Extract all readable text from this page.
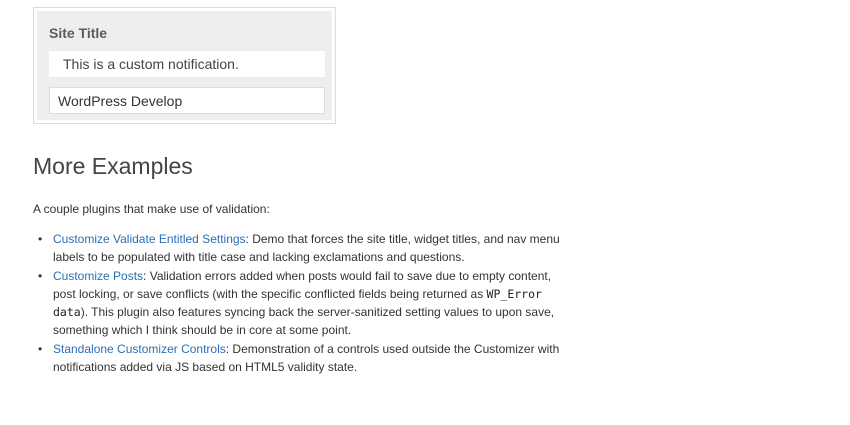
Site Title
This is a custom notification.
WordPress Develop
More Examples

A couple plugins that make use of validation:

• Customize Validate Entitled Settings: Demo that forces the site title, widget titles, and nav menu labels to be populated with title case and lacking exclamations and questions.
• Customize Posts: Validation errors added when posts would fail to save due to empty content, post locking, or save conflicts (with the specific conflicted fields being returned as WP_Error data). This plugin also features syncing back the server-sanitized setting values to upon save, something which I think should be in core at some point.
• Standalone Customizer Controls: Demonstration of a controls used outside the Customizer with notifications added via JS based on HTML5 validity state.
